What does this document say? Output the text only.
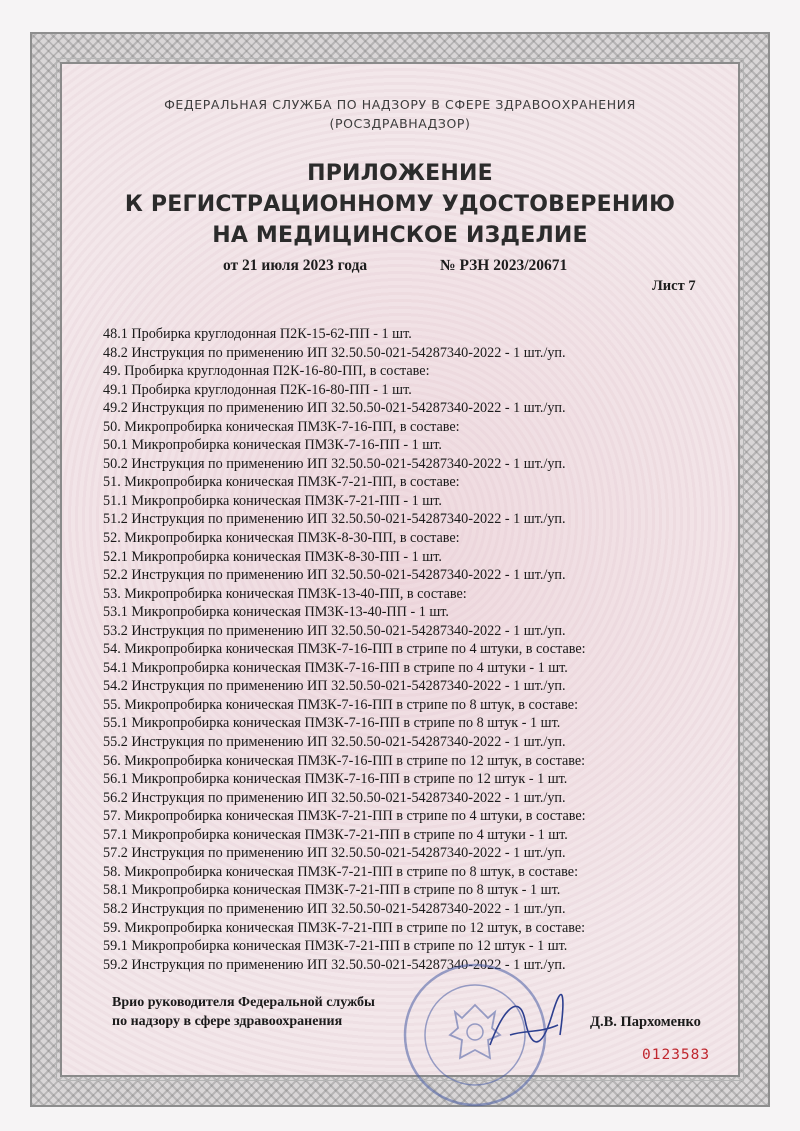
ФЕДЕРАЛЬНАЯ СЛУЖБА ПО НАДЗОРУ В СФЕРЕ ЗДРАВООХРАНЕНИЯ
(РОСЗДРАВНАДЗОР)
ПРИЛОЖЕНИЕ
К РЕГИСТРАЦИОННОМУ УДОСТОВЕРЕНИЮ
НА МЕДИЦИНСКОЕ ИЗДЕЛИЕ
от 21 июля 2023 года	№ РЗН 2023/20671
Лист 7
48.1 Пробирка круглодонная П2К-15-62-ПП - 1 шт.
48.2 Инструкция по применению ИП 32.50.50-021-54287340-2022 - 1 шт./уп.
49. Пробирка круглодонная П2К-16-80-ПП, в составе:
49.1 Пробирка круглодонная П2К-16-80-ПП - 1 шт.
49.2 Инструкция по применению ИП 32.50.50-021-54287340-2022 - 1 шт./уп.
50. Микропробирка коническая ПМ3К-7-16-ПП, в составе:
50.1 Микропробирка коническая ПМ3К-7-16-ПП - 1 шт.
50.2 Инструкция по применению ИП 32.50.50-021-54287340-2022 - 1 шт./уп.
51. Микропробирка коническая ПМ3К-7-21-ПП, в составе:
51.1 Микропробирка коническая ПМ3К-7-21-ПП - 1 шт.
51.2 Инструкция по применению ИП 32.50.50-021-54287340-2022 - 1 шт./уп.
52. Микропробирка коническая ПМ3К-8-30-ПП, в составе:
52.1 Микропробирка коническая ПМ3К-8-30-ПП - 1 шт.
52.2 Инструкция по применению ИП 32.50.50-021-54287340-2022 - 1 шт./уп.
53. Микропробирка коническая ПМ3К-13-40-ПП, в составе:
53.1 Микропробирка коническая ПМ3К-13-40-ПП - 1 шт.
53.2 Инструкция по применению ИП 32.50.50-021-54287340-2022 - 1 шт./уп.
54. Микропробирка коническая ПМ3К-7-16-ПП в стрипе по 4 штуки, в составе:
54.1 Микропробирка коническая ПМ3К-7-16-ПП в стрипе по 4 штуки - 1 шт.
54.2 Инструкция по применению ИП 32.50.50-021-54287340-2022 - 1 шт./уп.
55. Микропробирка коническая ПМ3К-7-16-ПП в стрипе по 8 штук, в составе:
55.1 Микропробирка коническая ПМ3К-7-16-ПП в стрипе по 8 штук - 1 шт.
55.2 Инструкция по применению ИП 32.50.50-021-54287340-2022 - 1 шт./уп.
56. Микропробирка коническая ПМ3К-7-16-ПП в стрипе по 12 штук, в составе:
56.1 Микропробирка коническая ПМ3К-7-16-ПП в стрипе по 12 штук - 1 шт.
56.2 Инструкция по применению ИП 32.50.50-021-54287340-2022 - 1 шт./уп.
57. Микропробирка коническая ПМ3К-7-21-ПП в стрипе по 4 штуки, в составе:
57.1 Микропробирка коническая ПМ3К-7-21-ПП в стрипе по 4 штуки - 1 шт.
57.2 Инструкция по применению ИП 32.50.50-021-54287340-2022 - 1 шт./уп.
58. Микропробирка коническая ПМ3К-7-21-ПП в стрипе по 8 штук, в составе:
58.1 Микропробирка коническая ПМ3К-7-21-ПП в стрипе по 8 штук - 1 шт.
58.2 Инструкция по применению ИП 32.50.50-021-54287340-2022 - 1 шт./уп.
59. Микропробирка коническая ПМ3К-7-21-ПП в стрипе по 12 штук, в составе:
59.1 Микропробирка коническая ПМ3К-7-21-ПП в стрипе по 12 штук - 1 шт.
59.2 Инструкция по применению ИП 32.50.50-021-54287340-2022 - 1 шт./уп.
Врио руководителя Федеральной службы
по надзору в сфере здравоохранения	Д.В. Пархоменко
0123583
